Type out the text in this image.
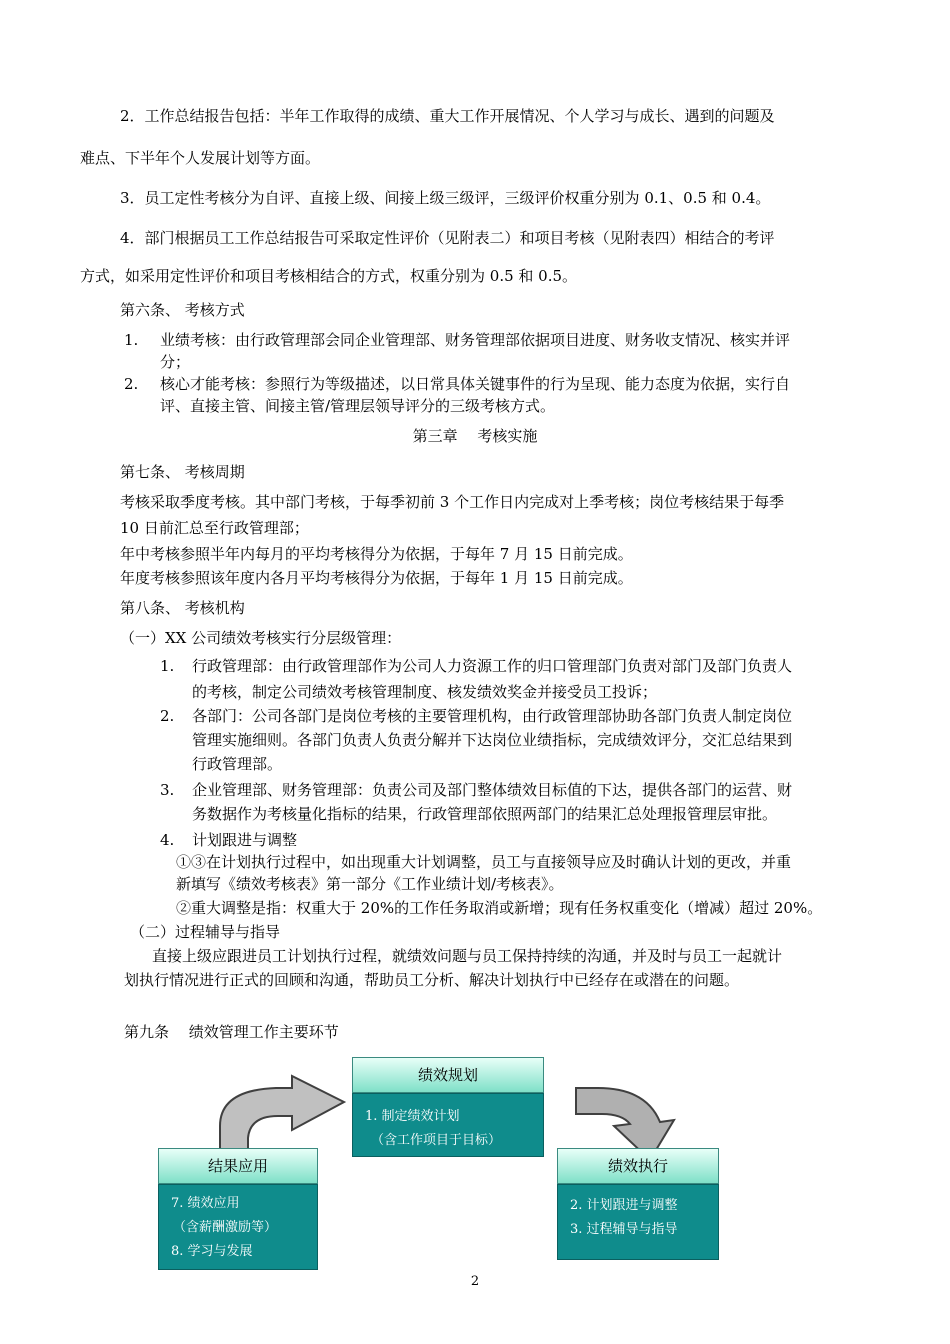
2．工作总结报告包括：半年工作取得的成绩、重大工作开展情况、个人学习与成长、遇到的问题及
难点、下半年个人发展计划等方面。
3．员工定性考核分为自评、直接上级、间接上级三级评，三级评价权重分别为 0.1、0.5 和 0.4。
4．部门根据员工工作总结报告可采取定性评价（见附表二）和项目考核（见附表四）相结合的考评
方式，如采用定性评价和项目考核相结合的方式，权重分别为 0.5 和 0.5。
第六条、 考核方式
1. 业绩考核：由行政管理部会同企业管理部、财务管理部依据项目进度、财务收支情况、核实并评
分；
2. 核心才能考核：参照行为等级描述，以日常具体关键事件的行为呈现、能力态度为依据，实行自
评、直接主管、间接主管/管理层领导评分的三级考核方式。
第三章　 考核实施
第七条、 考核周期
考核采取季度考核。其中部门考核，于每季初前 3 个工作日内完成对上季考核；岗位考核结果于每季
10 日前汇总至行政管理部；
年中考核参照半年内每月的平均考核得分为依据，于每年 7 月 15 日前完成。
年度考核参照该年度内各月平均考核得分为依据，于每年 1 月 15 日前完成。
第八条、 考核机构
（一）XX 公司绩效考核实行分层级管理：
1. 行政管理部：由行政管理部作为公司人力资源工作的归口管理部门负责对部门及部门负责人
的考核，制定公司绩效考核管理制度、核发绩效奖金并接受员工投诉；
2. 各部门：公司各部门是岗位考核的主要管理机构，由行政管理部协助各部门负责人制定岗位
管理实施细则。各部门负责人负责分解并下达岗位业绩指标，完成绩效评分，交汇总结果到
行政管理部。
3. 企业管理部、财务管理部：负责公司及部门整体绩效目标值的下达，提供各部门的运营、财
务数据作为考核量化指标的结果，行政管理部依照两部门的结果汇总处理报管理层审批。
4. 计划跟进与调整
①③在计划执行过程中，如出现重大计划调整，员工与直接领导应及时确认计划的更改，并重
新填写《绩效考核表》第一部分《工作业绩计划/考核表》。
②重大调整是指：权重大于 20%的工作任务取消或新增；现有任务权重变化（增减）超过 20%。
（二）过程辅导与指导
直接上级应跟进员工计划执行过程，就绩效问题与员工保持持续的沟通，并及时与员工一起就计
划执行情况进行正式的回顾和沟通，帮助员工分析、解决计划执行中已经存在或潜在的问题。
第九条　 绩效管理工作主要环节
绩效规划
1. 制定绩效计划
（含工作项目于目标）
结果应用
7. 绩效应用
（含薪酬激励等）
8. 学习与发展
绩效执行
2. 计划跟进与调整
3. 过程辅导与指导
2
